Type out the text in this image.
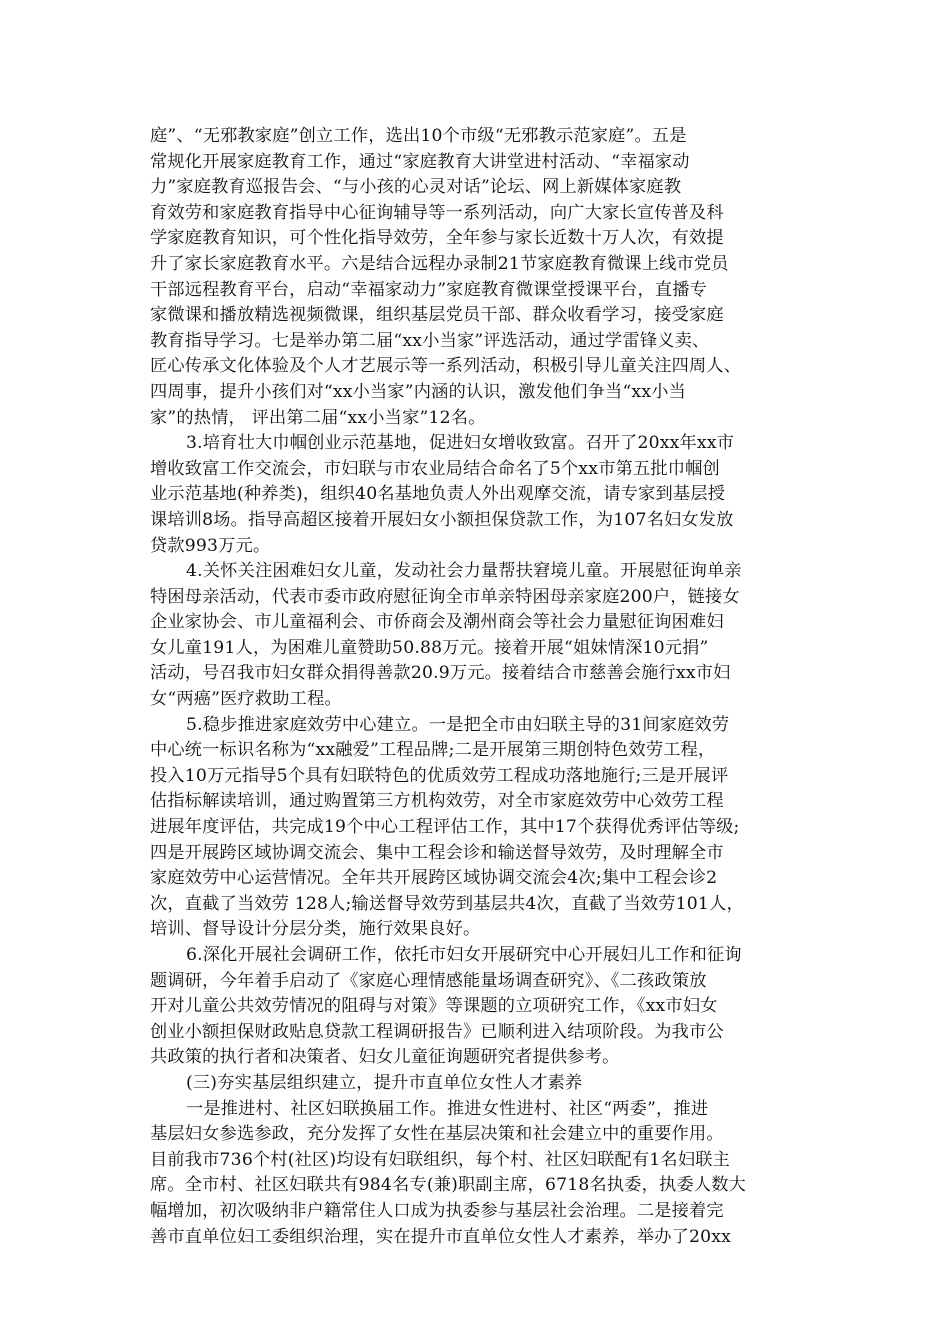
庭”、“无邪教家庭”创立工作，选出10个市级“无邪教示范家庭”。五是
常规化开展家庭教育工作，通过“家庭教育大讲堂进村活动、“幸福家动
力”家庭教育巡报告会、“与小孩的心灵对话”论坛、网上新媒体家庭教
育效劳和家庭教育指导中心征询辅导等一系列活动，向广大家长宣传普及科
学家庭教育知识，可个性化指导效劳，全年参与家长近数十万人次，有效提
升了家长家庭教育水平。六是结合远程办录制21节家庭教育微课上线市党员
干部远程教育平台，启动“幸福家动力”家庭教育微课堂授课平台，直播专
家微课和播放精选视频微课，组织基层党员干部、群众收看学习，接受家庭
教育指导学习。七是举办第二届“xx小当家”评选活动，通过学雷锋义卖、
匠心传承文化体验及个人才艺展示等一系列活动，积极引导儿童关注四周人、
四周事，提升小孩们对“xx小当家”内涵的认识，激发他们争当“xx小当
家”的热情， 评出第二届“xx小当家”12名。
3.培育壮大巾帼创业示范基地，促进妇女增收致富。召开了20xx年xx市
增收致富工作交流会，市妇联与市农业局结合命名了5个xx市第五批巾帼创
业示范基地(种养类)，组织40名基地负责人外出观摩交流，请专家到基层授
课培训8场。指导高超区接着开展妇女小额担保贷款工作，为107名妇女发放
贷款993万元。
4.关怀关注困难妇女儿童，发动社会力量帮扶窘境儿童。开展慰征询单亲
特困母亲活动，代表市委市政府慰征询全市单亲特困母亲家庭200户，链接女
企业家协会、市儿童福利会、市侨商会及潮州商会等社会力量慰征询困难妇
女儿童191人，为困难儿童赞助50.88万元。接着开展“姐妹情深10元捐”
活动，号召我市妇女群众捐得善款20.9万元。接着结合市慈善会施行xx市妇
女“两癌”医疗救助工程。
5.稳步推进家庭效劳中心建立。一是把全市由妇联主导的31间家庭效劳
中心统一标识名称为“xx融爱”工程品牌;二是开展第三期创特色效劳工程，
投入10万元指导5个具有妇联特色的优质效劳工程成功落地施行;三是开展评
估指标解读培训，通过购置第三方机构效劳，对全市家庭效劳中心效劳工程
进展年度评估，共完成19个中心工程评估工作，其中17个获得优秀评估等级;
四是开展跨区域协调交流会、集中工程会诊和输送督导效劳，及时理解全市
家庭效劳中心运营情况。全年共开展跨区域协调交流会4次;集中工程会诊2
次，直截了当效劳 128人;输送督导效劳到基层共4次，直截了当效劳101人，
培训、督导设计分层分类，施行效果良好。
6.深化开展社会调研工作，依托市妇女开展研究中心开展妇儿工作和征询
题调研，今年着手启动了《家庭心理情感能量场调查研究》、《二孩政策放
开对儿童公共效劳情况的阻碍与对策》等课题的立项研究工作，《xx市妇女
创业小额担保财政贴息贷款工程调研报告》已顺利进入结项阶段。为我市公
共政策的执行者和决策者、妇女儿童征询题研究者提供参考。
(三)夯实基层组织建立，提升市直单位女性人才素养
一是推进村、社区妇联换届工作。推进女性进村、社区“两委”，推进
基层妇女参选参政，充分发挥了女性在基层决策和社会建立中的重要作用。
目前我市736个村(社区)均设有妇联组织，每个村、社区妇联配有1名妇联主
席。全市村、社区妇联共有984名专(兼)职副主席，6718名执委，执委人数大
幅增加，初次吸纳非户籍常住人口成为执委参与基层社会治理。二是接着完
善市直单位妇工委组织治理，实在提升市直单位女性人才素养，举办了20xx
